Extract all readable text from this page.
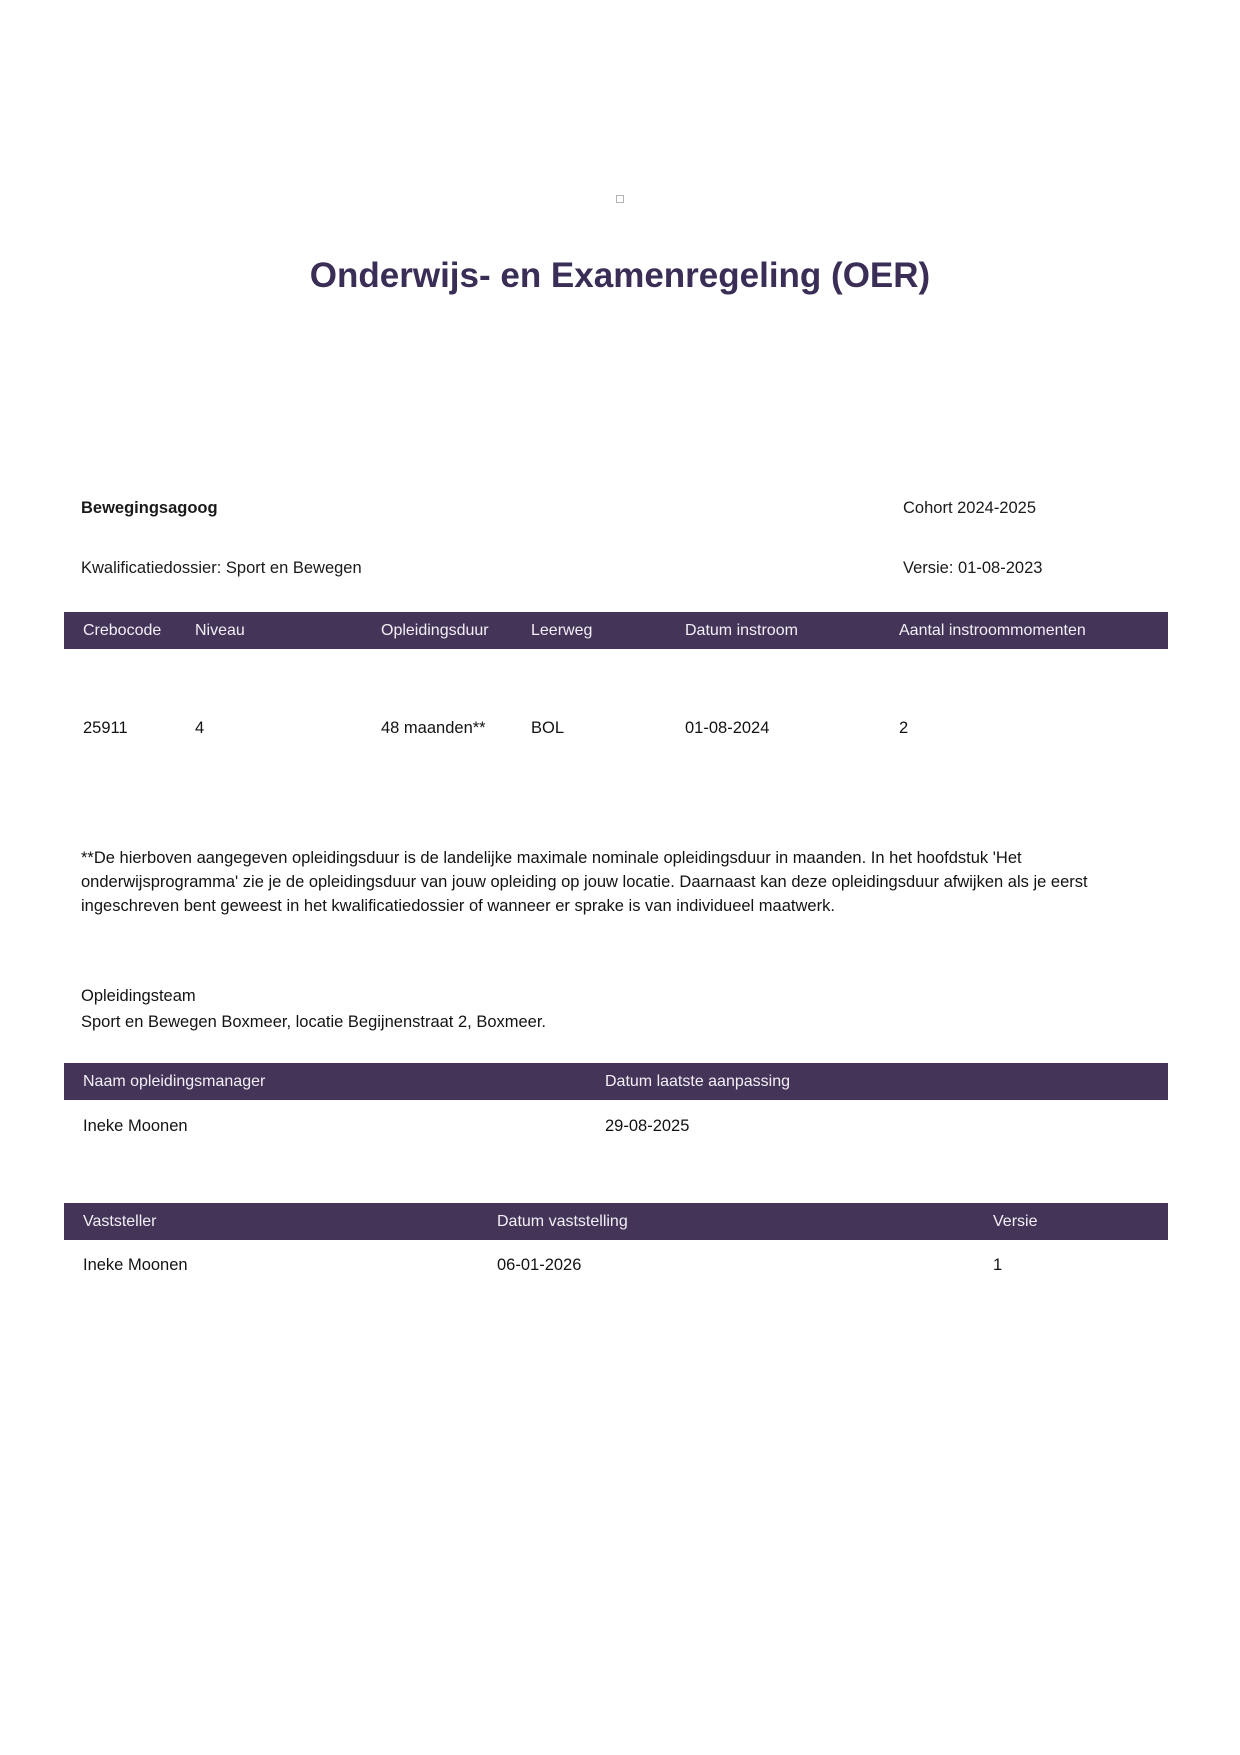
Onderwijs- en Examenregeling (OER)
Bewegingsagoog	Cohort 2024-2025
Kwalificatiedossier: Sport en Bewegen	Versie: 01-08-2023
Crebocode	Niveau	Opleidingsduur	Leerweg	Datum instroom	Aantal instroommomenten
25911	4	48 maanden**	BOL	01-08-2024	2

**De hierboven aangegeven opleidingsduur is de landelijke maximale nominale opleidingsduur in maanden. In het hoofdstuk 'Het onderwijsprogramma' zie je de opleidingsduur van jouw opleiding op jouw locatie. Daarnaast kan deze opleidingsduur afwijken als je eerst ingeschreven bent geweest in het kwalificatiedossier of wanneer er sprake is van individueel maatwerk.

Opleidingsteam
Sport en Bewegen Boxmeer, locatie Begijnenstraat 2, Boxmeer.
Naam opleidingsmanager	Datum laatste aanpassing
Ineke Moonen	29-08-2025
Vaststeller	Datum vaststelling	Versie
Ineke Moonen	06-01-2026	1
